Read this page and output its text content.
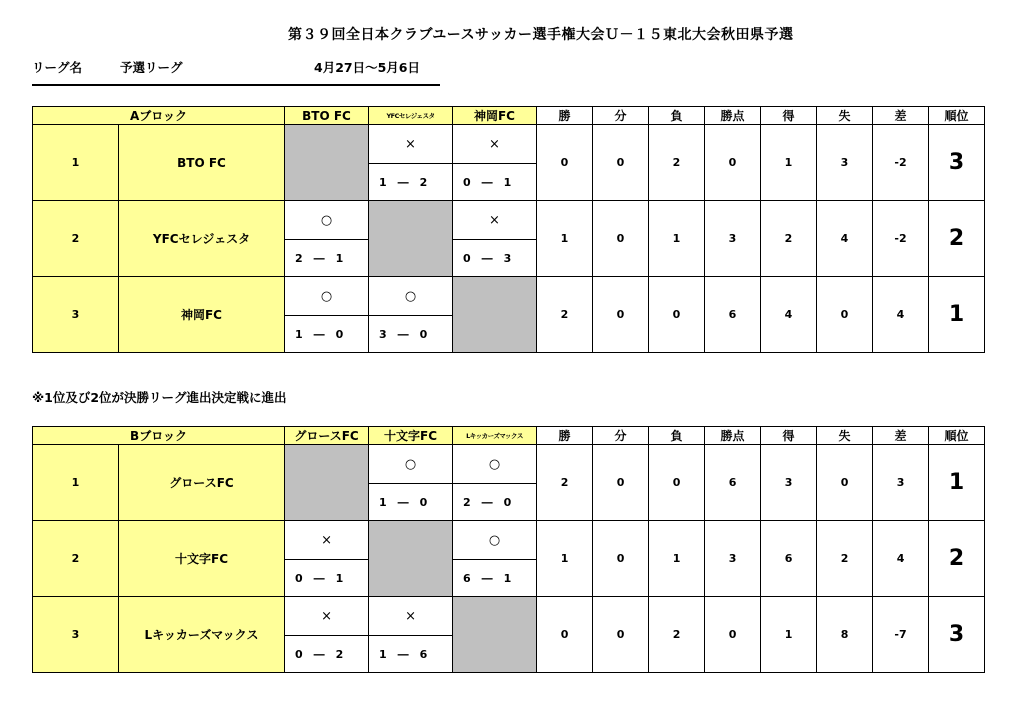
第３９回全日本クラブユースサッカー選手権大会Ｕ－１５東北大会秋田県予選
リーグ名	予選リーグ	4月27日～5月6日
Aブロック		BTO FC	YFCセレジェスタ	神岡FC	勝	分	負	勝点	得	失	差	順位
1	BTO FC		×	×	0	0	2	0	1	3	-2	3
			1　―　2	0　―　1								
2	YFCセレジェスタ	○		×	1	0	1	3	2	4	-2	2
		2　―　1		0　―　3								
3	神岡FC	○	○		2	0	0	6	4	0	4	1
		1　―　0	3　―　0									
※1位及び2位が決勝リーグ進出決定戦に進出
Bブロック		グロースFC	十文字FC	Lキッカーズマックス	勝	分	負	勝点	得	失	差	順位
1	グロースFC		○	○	2	0	0	6	3	0	3	1
			1　―　0	2　―　0								
2	十文字FC	×		○	1	0	1	3	6	2	4	2
		0　―　1		6　―　1								
3	Lキッカーズマックス	×	×		0	0	2	0	1	8	-7	3
		0　―　2	1　―　6									
